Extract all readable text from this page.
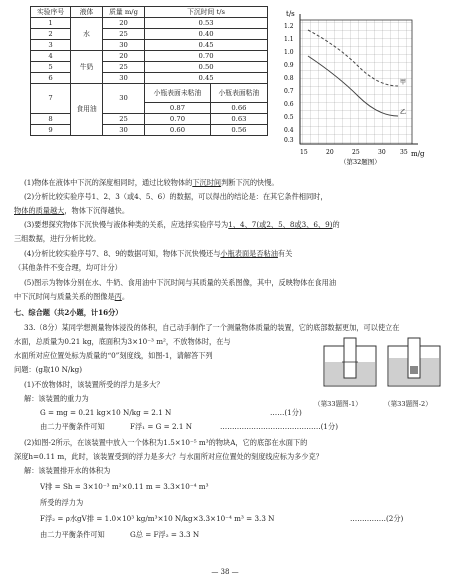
实验序号	液体	质量 m/g	下沉时间 t/s	
1	水	20	0.53	
2		25	0.40	
3		30	0.45	
4	牛奶	20	0.70	
5		25	0.50	
6		30	0.45	
7	食用油	30	小瓶表面未粘油	小瓶表面粘油
			0.87	0.66
8		25	0.70	0.63
9		30	0.60	0.56
t/s
m/g
1.2
1.1
1.0
0.9
0.8
0.7
0.6
0.5
0.4
0.3
15	20	25	30 35
甲
乙
（第32题图）
(1)物体在液体中下沉的深度相同时，通过比较物体的下沉时间判断下沉的快慢。
(2)分析比较实验序号1、2、3（或4、5、6）的数据，可以得出的结论是：在其它条件相同时，
物体的质量越大，物体下沉得越快。
(3)要想探究物体下沉快慢与液体种类的关系，应选择实验序号为1、4、7(或2、5、8或3、6、9)的
三组数据，进行分析比较。
(4)分析比较实验序号7、8、9的数据可知，物体下沉快慢还与小瓶表面是否粘油有关
（其他条件不变合理，均可计分）
(5)图示为物体分别在水、牛奶、食用油中下沉时间与其质量的关系图像，其中，反映物体在食用油
中下沉时间与质量关系的图像是丙。
七、综合题（共2小题，计16分）
33.（8分）某同学想测量物体浸没的体积，自己动手制作了一个测量物体质量的装置，它的底部数据更加，可以使立在
水面，总质量为0.21 kg，底面积为3×10⁻³ m²，不放物体时，在与
水面所对应位置处标为质量的“0”刻度线，如图-1，请解答下列
问题：(g取10 N/kg)
(1)不放物体时，该装置所受的浮力是多大？
解：该装置的重力为
G = mg = 0.21 kg×10 N/kg = 2.1 N	……(1分)
由二力平衡条件可知	F浮₁ = G = 2.1 N	……………………………………(1分)
(2)如图-2所示，在该装置中放入一个体积为1.5×10⁻⁵ m³的物块A，它的底部在水面下的
深度h=0.11 m，此时，该装置受到的浮力是多大？与水面所对应位置处的刻度线应标为多少克？
解：该装置排开水的体积为
V排 = Sh = 3×10⁻³ m²×0.11 m = 3.3×10⁻⁴ m³
所受的浮力为
F浮₂ = ρ水gV排 = 1.0×10³ kg/m³×10 N/kg×3.3×10⁻⁴ m³ = 3.3 N	……………(2分)
由二力平衡条件可知	G总 = F浮₂ = 3.3 N
（第33题图-1）	（第33题图-2）
— 38 —
